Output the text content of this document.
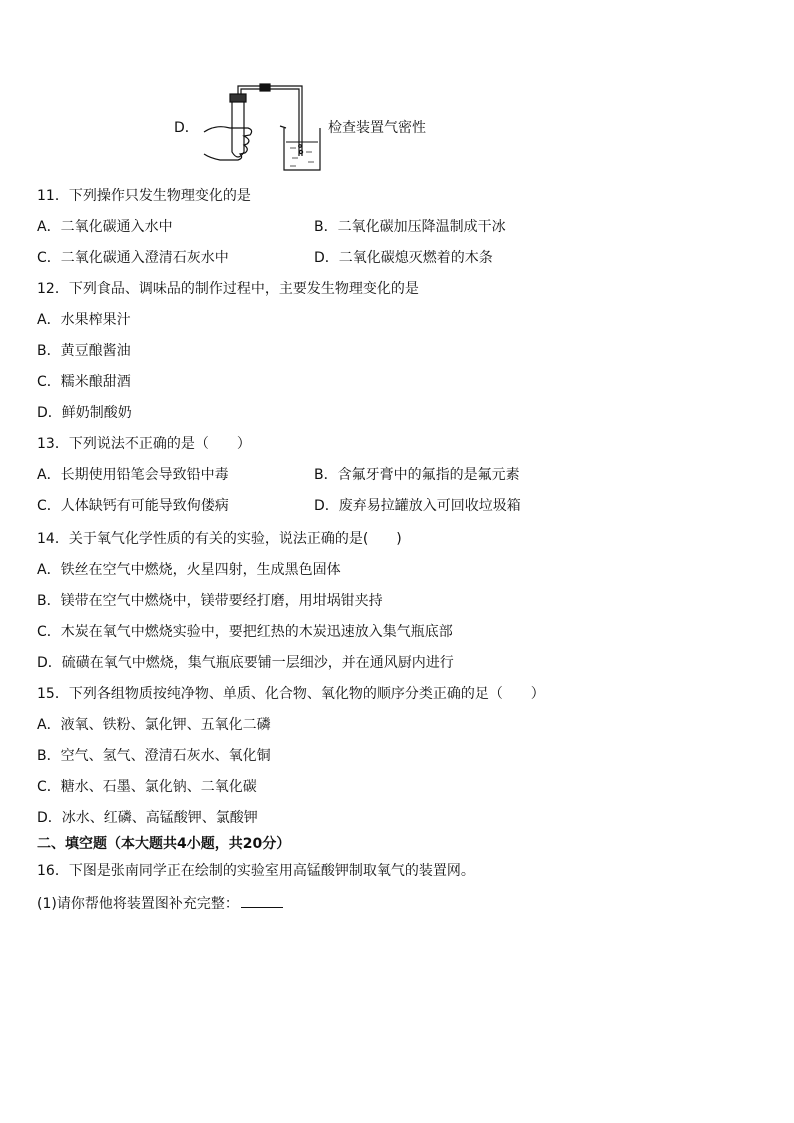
D．	检查装置气密性
11．下列操作只发生物理变化的是
A．二氧化碳通入水中	B．二氧化碳加压降温制成干冰
C．二氧化碳通入澄清石灰水中	D．二氧化碳熄灭燃着的木条
12．下列食品、调味品的制作过程中，主要发生物理变化的是
A．水果榨果汁
B．黄豆酿酱油
C．糯米酿甜酒
D．鲜奶制酸奶
13．下列说法不正确的是（　　）
A．长期使用铅笔会导致铅中毒	B．含氟牙膏中的氟指的是氟元素
C．人体缺钙有可能导致佝偻病	D．废弃易拉罐放入可回收垃圾箱
14．关于氧气化学性质的有关的实验，说法正确的是(　　)
A．铁丝在空气中燃烧，火星四射，生成黑色固体
B．镁带在空气中燃烧中，镁带要经打磨，用坩埚钳夹持
C．木炭在氧气中燃烧实验中，要把红热的木炭迅速放入集气瓶底部
D．硫磺在氧气中燃烧，集气瓶底要铺一层细沙，并在通风厨内进行
15．下列各组物质按纯净物、单质、化合物、氧化物的顺序分类正确的足（　　）
A．液氧、铁粉、氯化钾、五氧化二磷
B．空气、氢气、澄清石灰水、氧化铜
C．糖水、石墨、氯化钠、二氧化碳
D．冰水、红磷、高锰酸钾、氯酸钾
二、填空题（本大题共4小题，共20分）
16．下图是张南同学正在绘制的实验室用高锰酸钾制取氧气的装置网。
(1)请你帮他将装置图补充完整：
